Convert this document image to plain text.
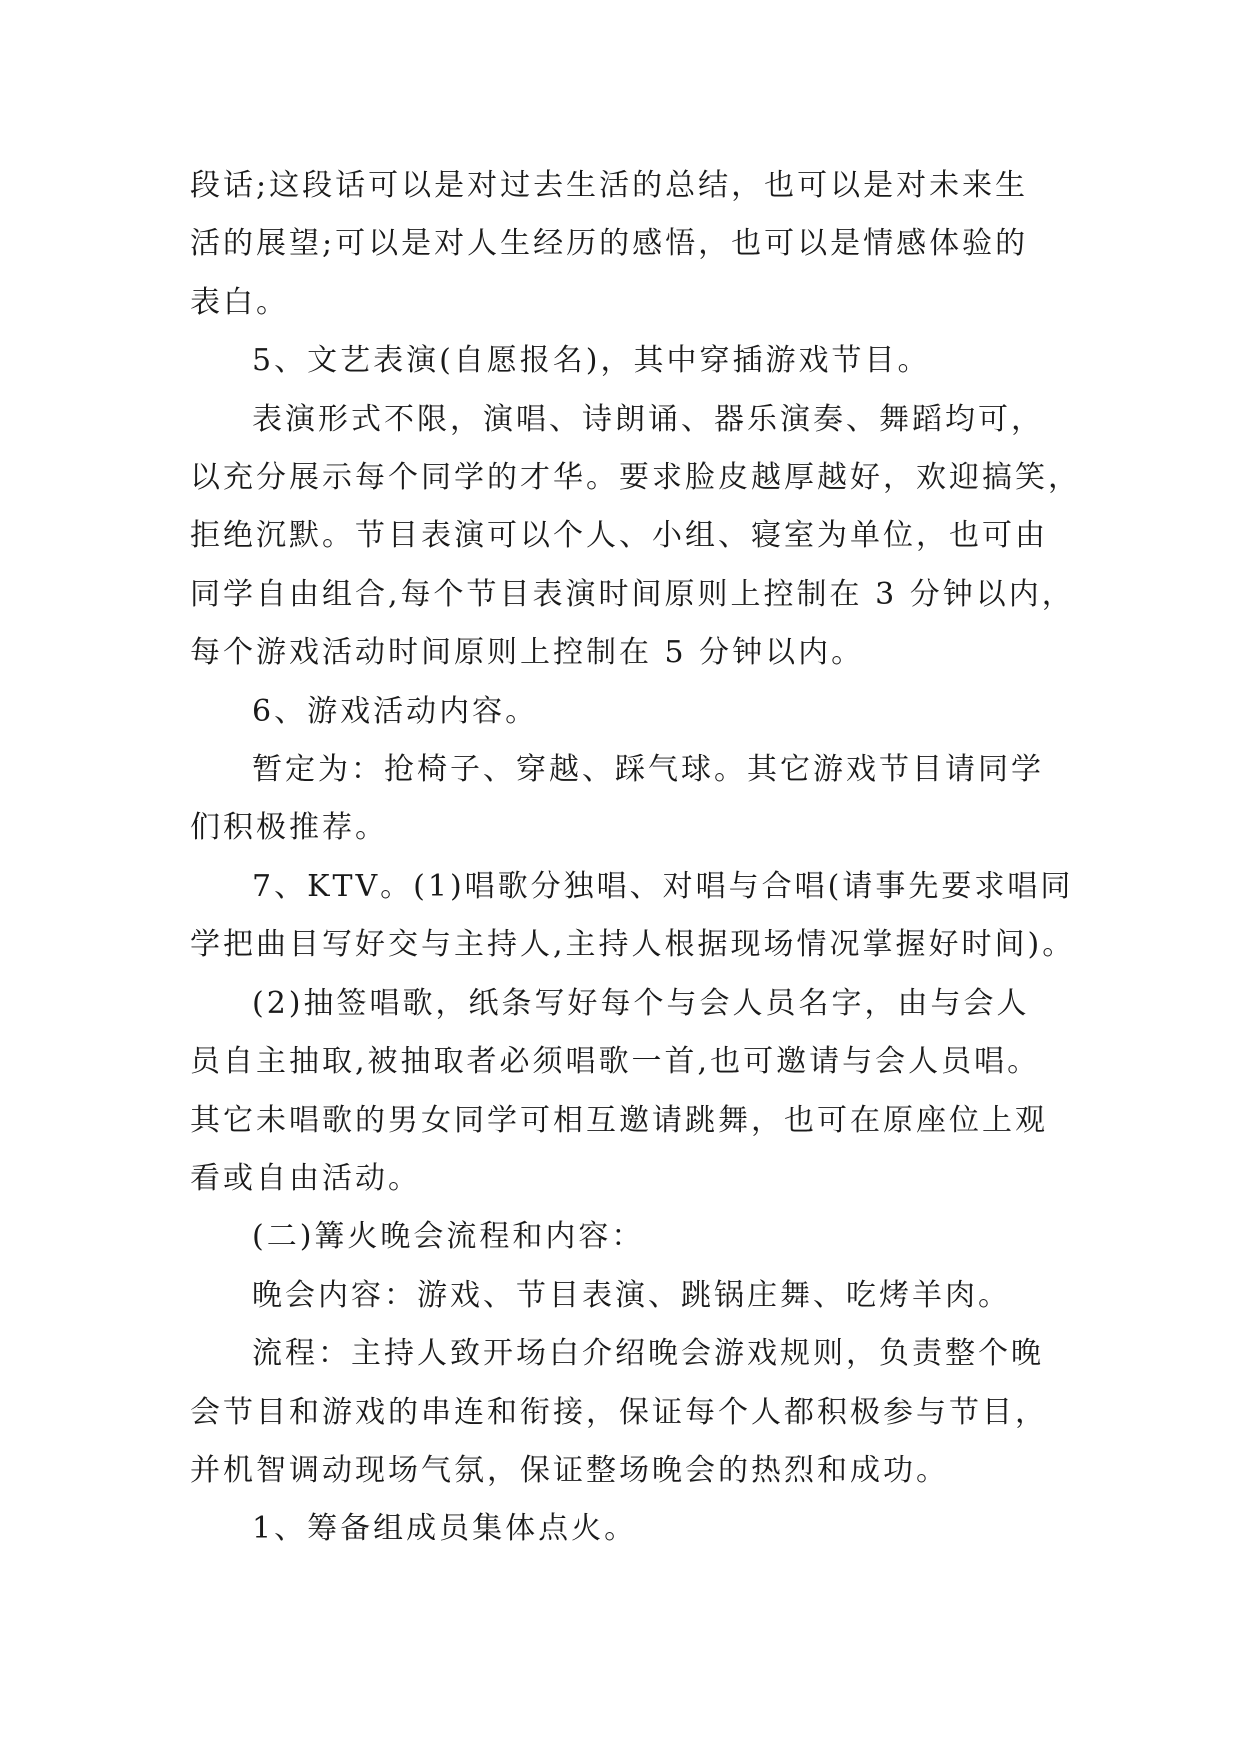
段话;这段话可以是对过去生活的总结，也可以是对未来生
活的展望;可以是对人生经历的感悟，也可以是情感体验的
表白。
5、文艺表演(自愿报名)，其中穿插游戏节目。
表演形式不限，演唱、诗朗诵、器乐演奏、舞蹈均可，
以充分展示每个同学的才华。要求脸皮越厚越好，欢迎搞笑，
拒绝沉默。节目表演可以个人、小组、寝室为单位，也可由
同学自由组合,每个节目表演时间原则上控制在 3 分钟以内，
每个游戏活动时间原则上控制在 5 分钟以内。
6、游戏活动内容。
暂定为：抢椅子、穿越、踩气球。其它游戏节目请同学
们积极推荐。
7、KTV。(1)唱歌分独唱、对唱与合唱(请事先要求唱同
学把曲目写好交与主持人,主持人根据现场情况掌握好时间)。
(2)抽签唱歌，纸条写好每个与会人员名字，由与会人
员自主抽取,被抽取者必须唱歌一首,也可邀请与会人员唱。
其它未唱歌的男女同学可相互邀请跳舞，也可在原座位上观
看或自由活动。
(二)篝火晚会流程和内容：
晚会内容：游戏、节目表演、跳锅庄舞、吃烤羊肉。
流程：主持人致开场白介绍晚会游戏规则，负责整个晚
会节目和游戏的串连和衔接，保证每个人都积极参与节目，
并机智调动现场气氛，保证整场晚会的热烈和成功。
1、筹备组成员集体点火。
